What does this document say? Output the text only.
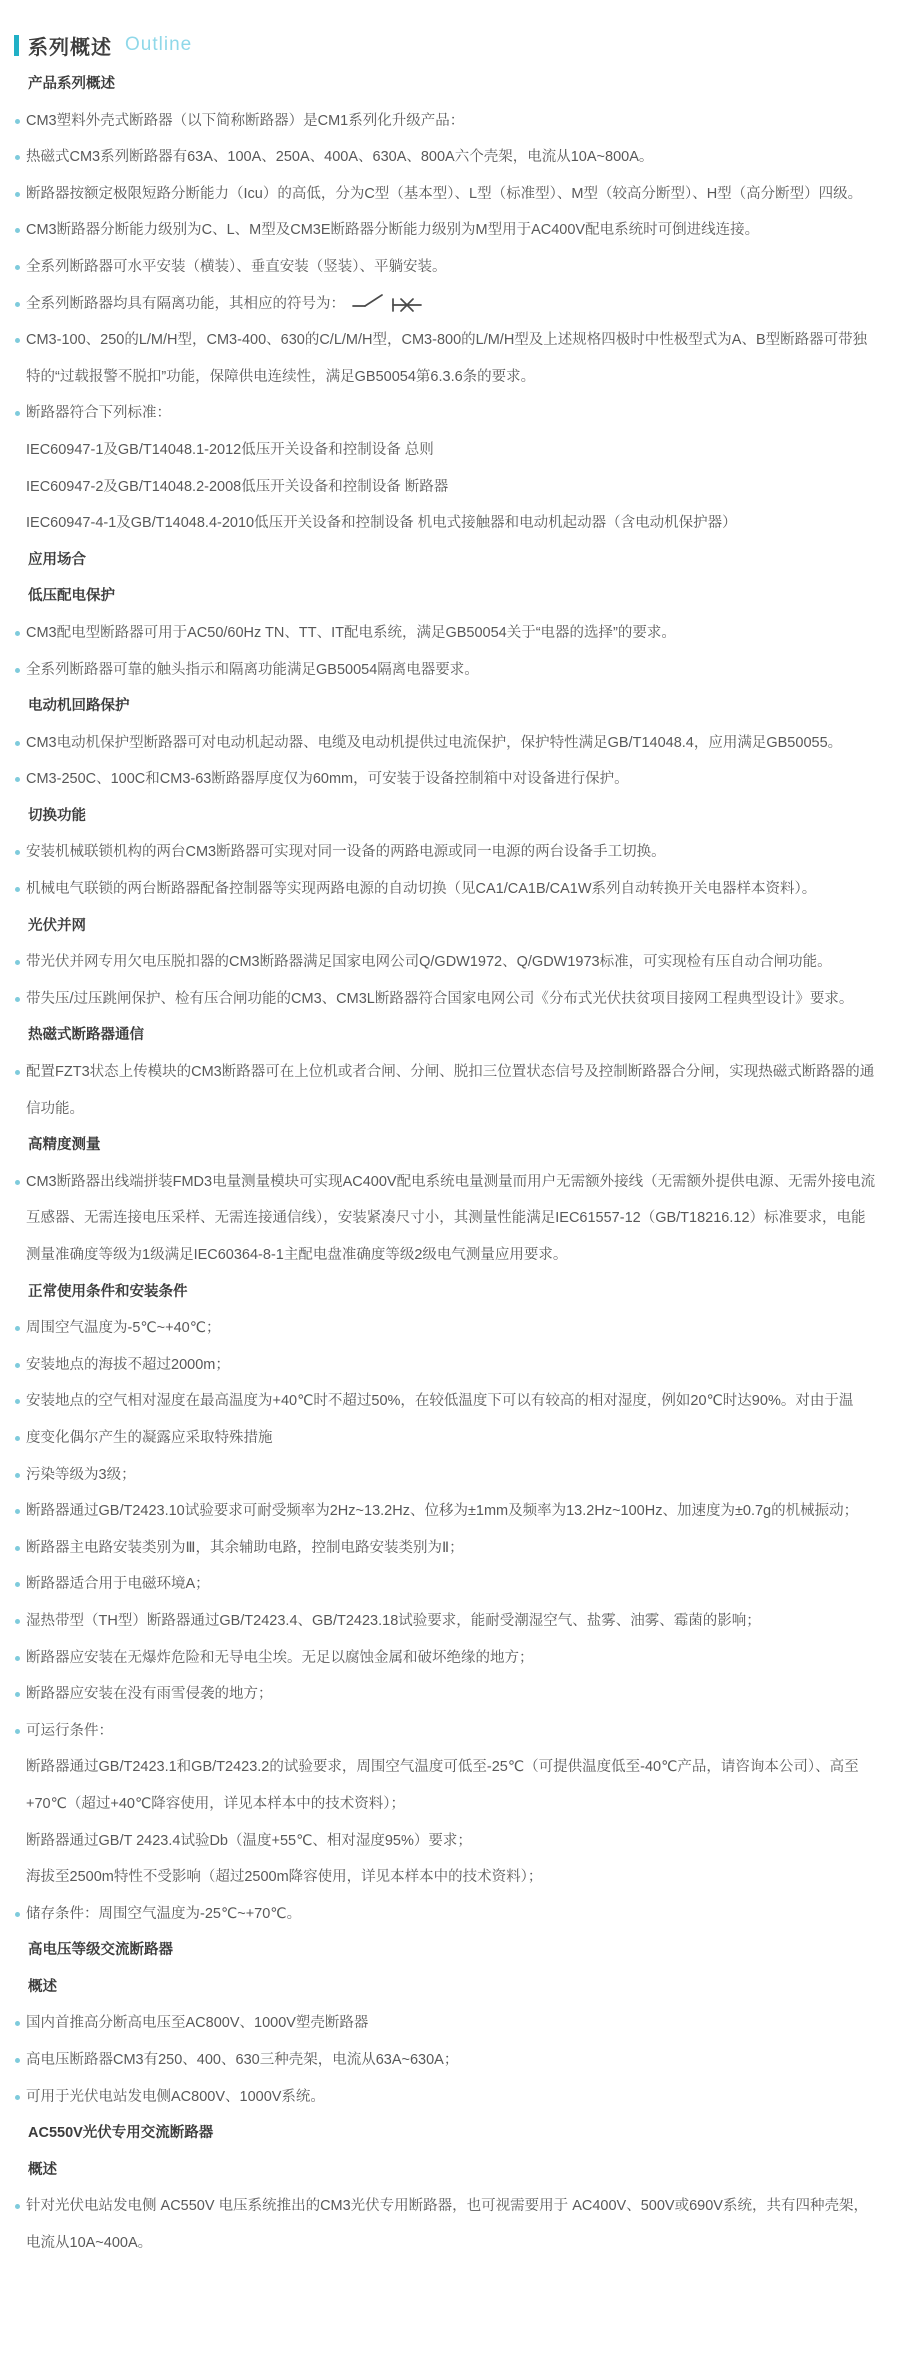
系列概述 Outline
产品系列概述
CM3塑料外壳式断路器（以下简称断路器）是CM1系列化升级产品：
热磁式CM3系列断路器有63A、100A、250A、400A、630A、800A六个壳架，电流从10A~800A。
断路器按额定极限短路分断能力（Icu）的高低，分为C型（基本型）、L型（标准型）、M型（较高分断型）、H型（高分断型）四级。
CM3断路器分断能力级别为C、L、M型及CM3E断路器分断能力级别为M型用于AC400V配电系统时可倒进线连接。
全系列断路器可水平安装（横装）、垂直安装（竖装）、平躺安装。
全系列断路器均具有隔离功能，其相应的符号为：
CM3-100、250的L/M/H型，CM3-400、630的C/L/M/H型，CM3-800的L/M/H型及上述规格四极时中性极型式为A、B型断路器可带独特的“过载报警不脱扣”功能，保障供电连续性，满足GB50054第6.3.6条的要求。
断路器符合下列标准：
IEC60947-1及GB/T14048.1-2012低压开关设备和控制设备 总则
IEC60947-2及GB/T14048.2-2008低压开关设备和控制设备 断路器
IEC60947-4-1及GB/T14048.4-2010低压开关设备和控制设备 机电式接触器和电动机起动器（含电动机保护器）
应用场合
低压配电保护
CM3配电型断路器可用于AC50/60Hz TN、TT、IT配电系统，满足GB50054关于“电器的选择”的要求。
全系列断路器可靠的触头指示和隔离功能满足GB50054隔离电器要求。
电动机回路保护
CM3电动机保护型断路器可对电动机起动器、电缆及电动机提供过电流保护，保护特性满足GB/T14048.4，应用满足GB50055。
CM3-250C、100C和CM3-63断路器厚度仅为60mm，可安装于设备控制箱中对设备进行保护。
切换功能
安装机械联锁机构的两台CM3断路器可实现对同一设备的两路电源或同一电源的两台设备手工切换。
机械电气联锁的两台断路器配备控制器等实现两路电源的自动切换（见CA1/CA1B/CA1W系列自动转换开关电器样本资料）。
光伏并网
带光伏并网专用欠电压脱扣器的CM3断路器满足国家电网公司Q/GDW1972、Q/GDW1973标准，可实现检有压自动合闸功能。
带失压/过压跳闸保护、检有压合闸功能的CM3、CM3L断路器符合国家电网公司《分布式光伏扶贫项目接网工程典型设计》要求。
热磁式断路器通信
配置FZT3状态上传模块的CM3断路器可在上位机或者合闸、分闸、脱扣三位置状态信号及控制断路器合分闸，实现热磁式断路器的通信功能。
高精度测量
CM3断路器出线端拼装FMD3电量测量模块可实现AC400V配电系统电量测量而用户无需额外接线（无需额外提供电源、无需外接电流互感器、无需连接电压采样、无需连接通信线），安装紧凑尺寸小，其测量性能满足IEC61557-12（GB/T18216.12）标准要求，电能测量准确度等级为1级满足IEC60364-8-1主配电盘准确度等级2级电气测量应用要求。
正常使用条件和安装条件
周围空气温度为-5℃~+40℃；
安装地点的海拔不超过2000m；
安装地点的空气相对湿度在最高温度为+40℃时不超过50%，在较低温度下可以有较高的相对湿度，例如20℃时达90%。对由于温
度变化偶尔产生的凝露应采取特殊措施
污染等级为3级；
断路器通过GB/T2423.10试验要求可耐受频率为2Hz~13.2Hz、位移为±1mm及频率为13.2Hz~100Hz、加速度为±0.7g的机械振动；
断路器主电路安装类别为Ⅲ，其余辅助电路，控制电路安装类别为Ⅱ；
断路器适合用于电磁环境A；
湿热带型（TH型）断路器通过GB/T2423.4、GB/T2423.18试验要求，能耐受潮湿空气、盐雾、油雾、霉菌的影响；
断路器应安装在无爆炸危险和无导电尘埃。无足以腐蚀金属和破坏绝缘的地方；
断路器应安装在没有雨雪侵袭的地方；
可运行条件：
断路器通过GB/T2423.1和GB/T2423.2的试验要求，周围空气温度可低至-25℃（可提供温度低至-40℃产品，请咨询本公司）、高至+70℃（超过+40℃降容使用，详见本样本中的技术资料）；
断路器通过GB/T 2423.4试验Db（温度+55℃、相对湿度95%）要求；
海拔至2500m特性不受影响（超过2500m降容使用，详见本样本中的技术资料）；
储存条件：周围空气温度为-25℃~+70℃。
高电压等级交流断路器
概述
国内首推高分断高电压至AC800V、1000V塑壳断路器
高电压断路器CM3有250、400、630三种壳架，电流从63A~630A；
可用于光伏电站发电侧AC800V、1000V系统。
AC550V光伏专用交流断路器
概述
针对光伏电站发电侧 AC550V 电压系统推出的CM3光伏专用断路器，也可视需要用于 AC400V、500V或690V系统，共有四种壳架，电流从10A~400A。
